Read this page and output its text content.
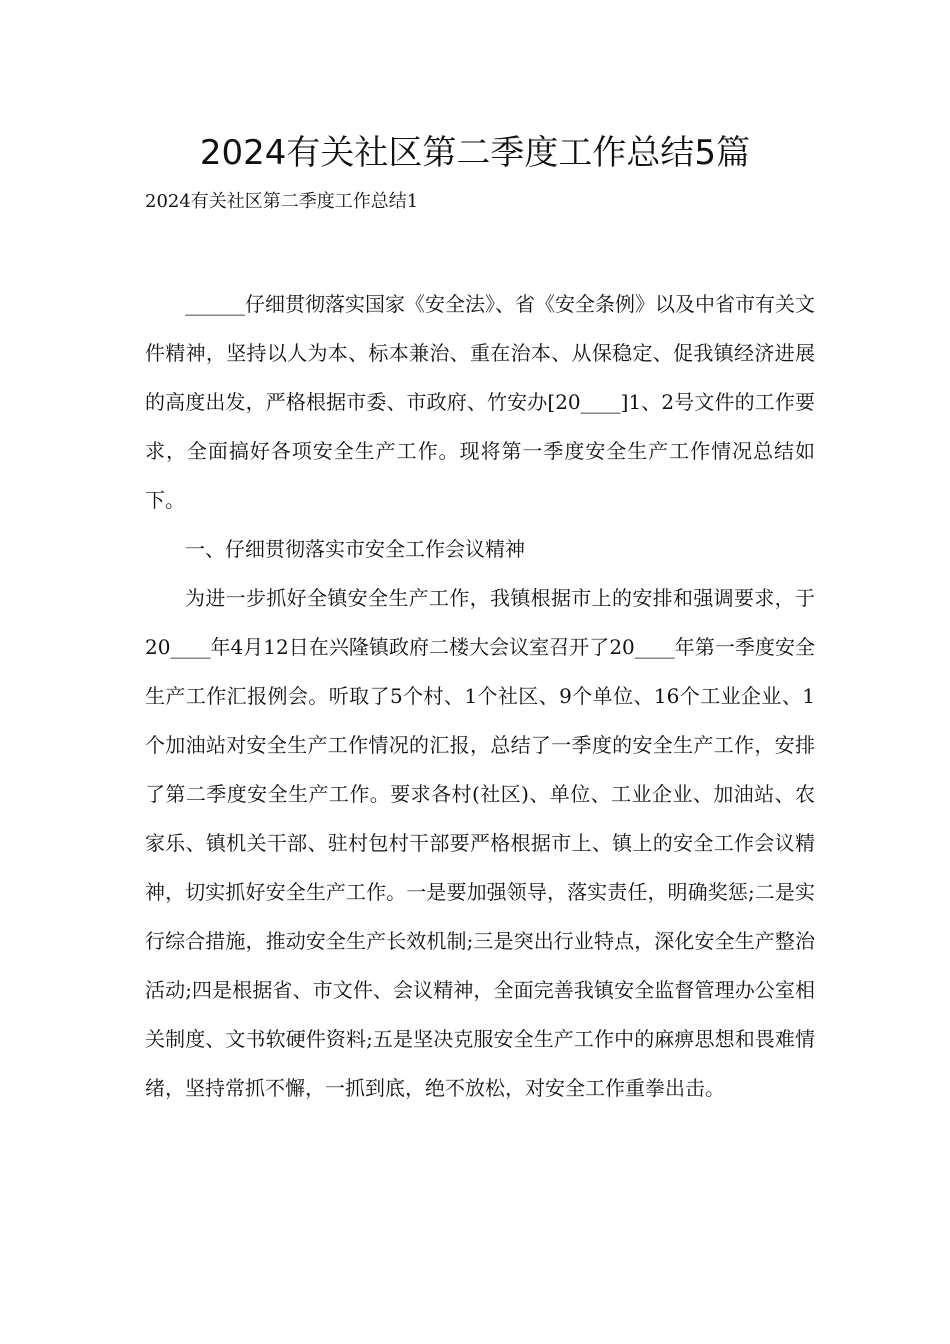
2024有关社区第二季度工作总结5篇

2024有关社区第二季度工作总结1

______仔细贯彻落实国家《安全法》、省《安全条例》以及中省市有关文件精神，坚持以人为本、标本兼治、重在治本、从保稳定、促我镇经济进展的高度出发，严格根据市委、市政府、竹安办[20____]1、2号文件的工作要求，全面搞好各项安全生产工作。现将第一季度安全生产工作情况总结如下。

一、仔细贯彻落实市安全工作会议精神

为进一步抓好全镇安全生产工作，我镇根据市上的安排和强调要求，于20____年4月12日在兴隆镇政府二楼大会议室召开了20____年第一季度安全生产工作汇报例会。听取了5个村、1个社区、9个单位、16个工业企业、1个加油站对安全生产工作情况的汇报，总结了一季度的安全生产工作，安排了第二季度安全生产工作。要求各村(社区)、单位、工业企业、加油站、农家乐、镇机关干部、驻村包村干部要严格根据市上、镇上的安全工作会议精神，切实抓好安全生产工作。一是要加强领导，落实责任，明确奖惩;二是实行综合措施，推动安全生产长效机制;三是突出行业特点，深化安全生产整治活动;四是根据省、市文件、会议精神，全面完善我镇安全监督管理办公室相关制度、文书软硬件资料;五是坚决克服安全生产工作中的麻痹思想和畏难情绪，坚持常抓不懈，一抓到底，绝不放松，对安全工作重拳出击。
